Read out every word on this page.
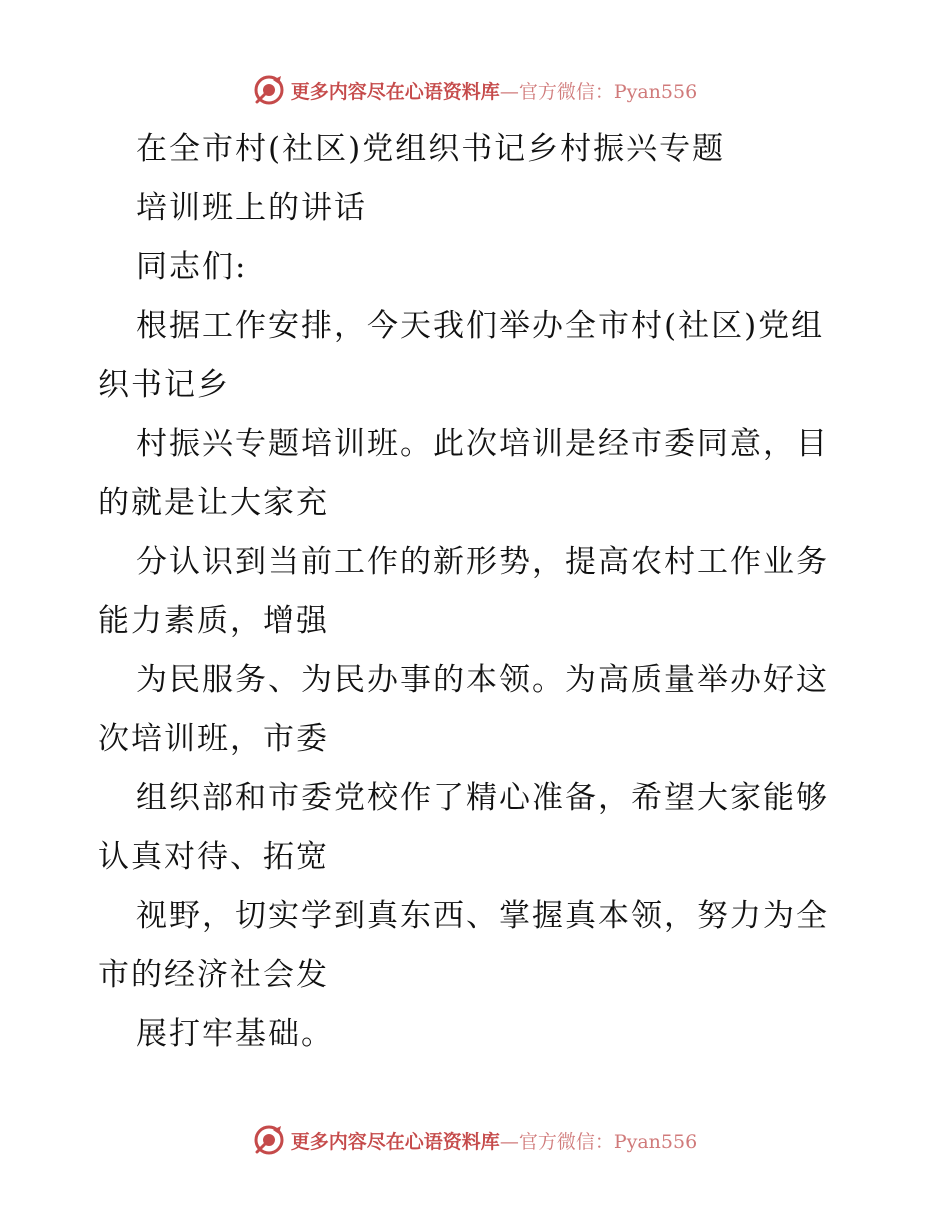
更多内容尽在心语资料库—官方微信：Pyan556
在全市村(社区)党组织书记乡村振兴专题
培训班上的讲话
同志们:
根据工作安排，今天我们举办全市村(社区)党组
织书记乡
村振兴专题培训班。此次培训是经市委同意，目
的就是让大家充
分认识到当前工作的新形势，提高农村工作业务
能力素质，增强
为民服务、为民办事的本领。为高质量举办好这
次培训班，市委
组织部和市委党校作了精心准备，希望大家能够
认真对待、拓宽
视野，切实学到真东西、掌握真本领，努力为全
市的经济社会发
展打牢基础。
更多内容尽在心语资料库—官方微信：Pyan556
